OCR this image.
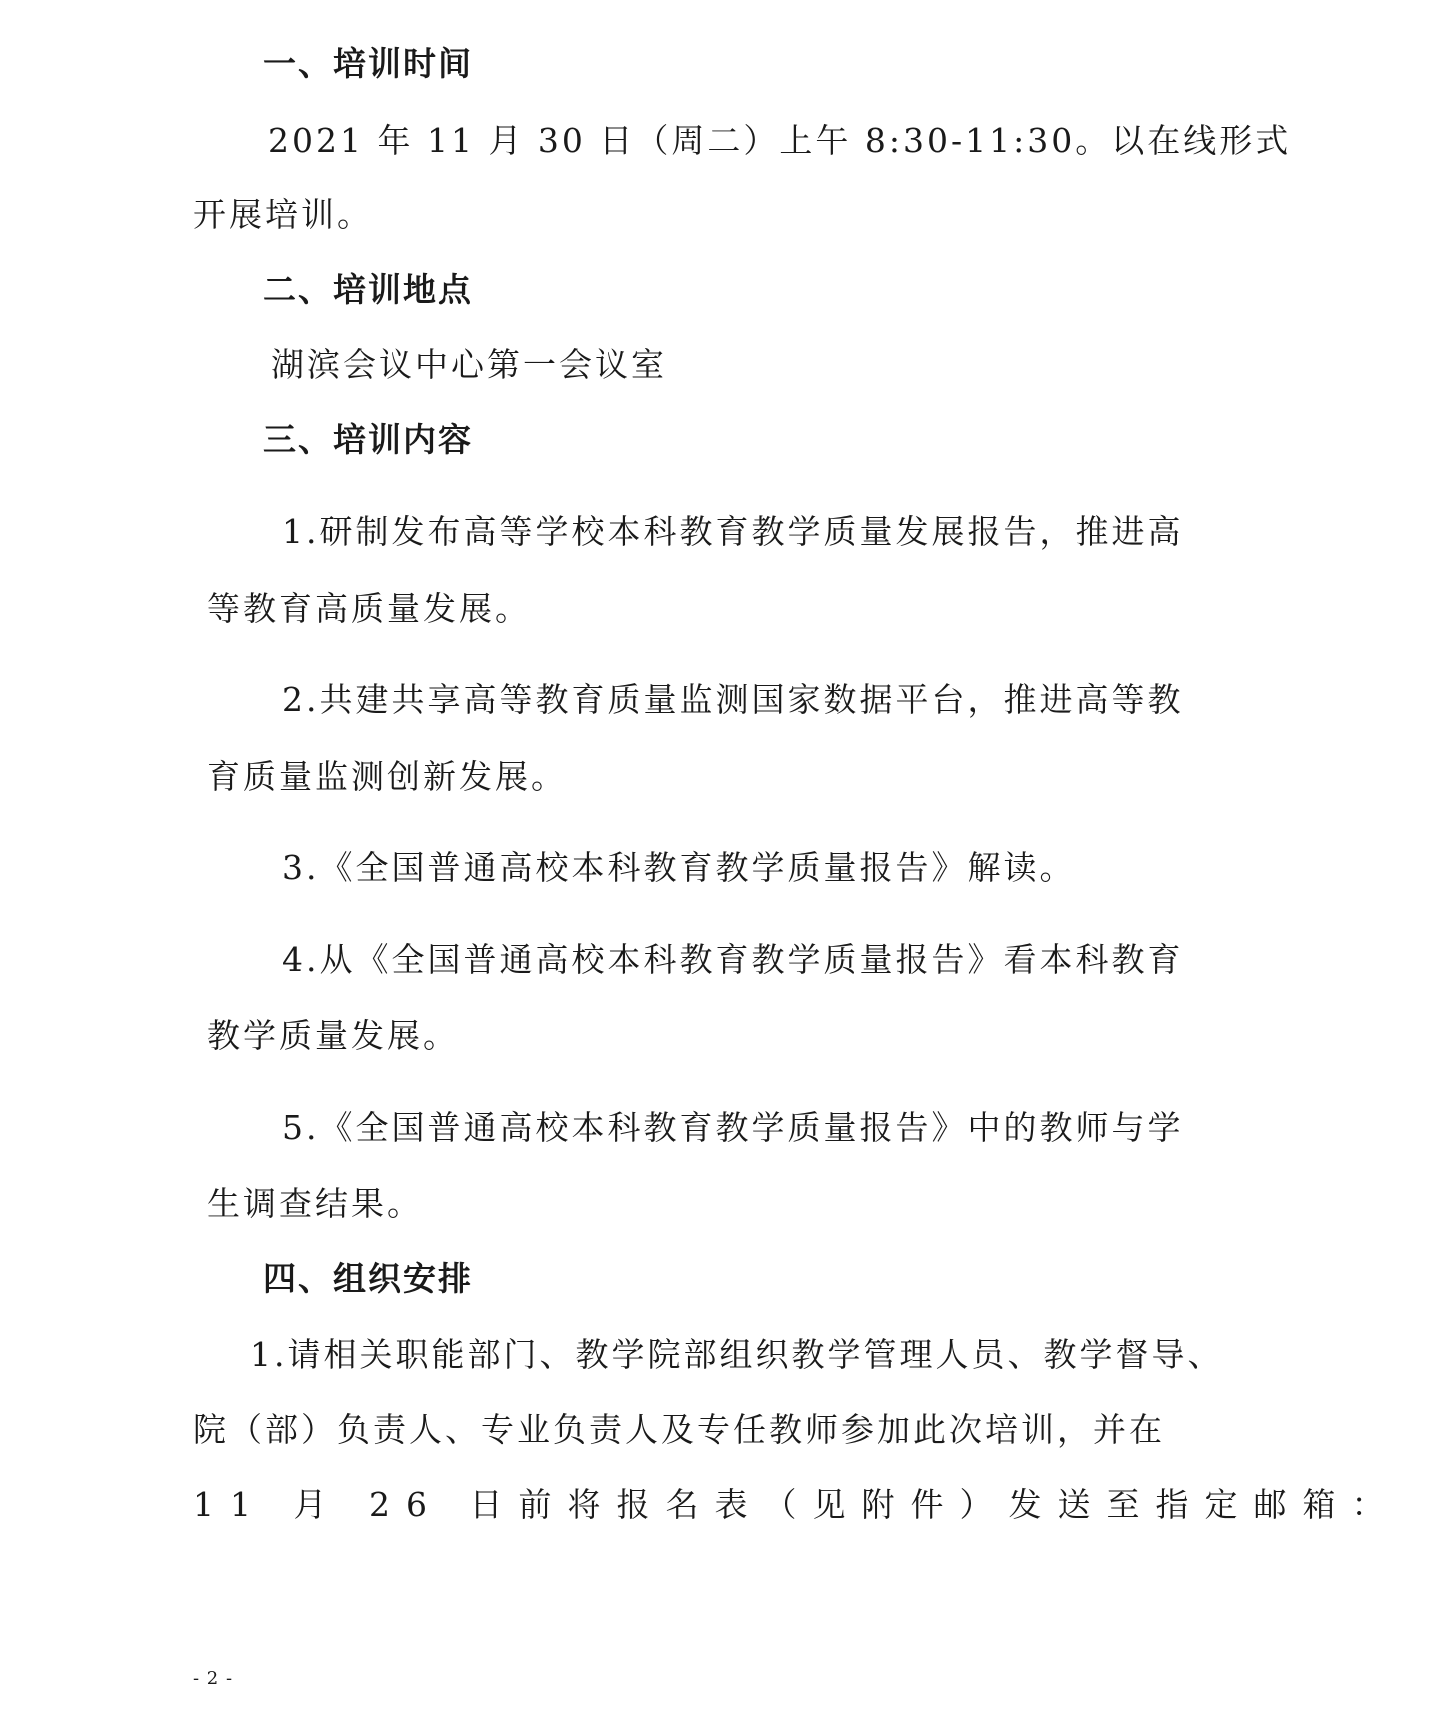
一、培训时间
2021 年 11 月 30 日（周二）上午 8:30-11:30。以在线形式
开展培训。
二、培训地点
湖滨会议中心第一会议室
三、培训内容
1.研制发布高等学校本科教育教学质量发展报告，推进高
等教育高质量发展。
2.共建共享高等教育质量监测国家数据平台，推进高等教
育质量监测创新发展。
3.《全国普通高校本科教育教学质量报告》解读。
4.从《全国普通高校本科教育教学质量报告》看本科教育
教学质量发展。
5.《全国普通高校本科教育教学质量报告》中的教师与学
生调查结果。
四、组织安排
1.请相关职能部门、教学院部组织教学管理人员、教学督导、
院（部）负责人、专业负责人及专任教师参加此次培训，并在
11 月 26 日前将报名表（见附件）发送至指定邮箱：
- 2 -
